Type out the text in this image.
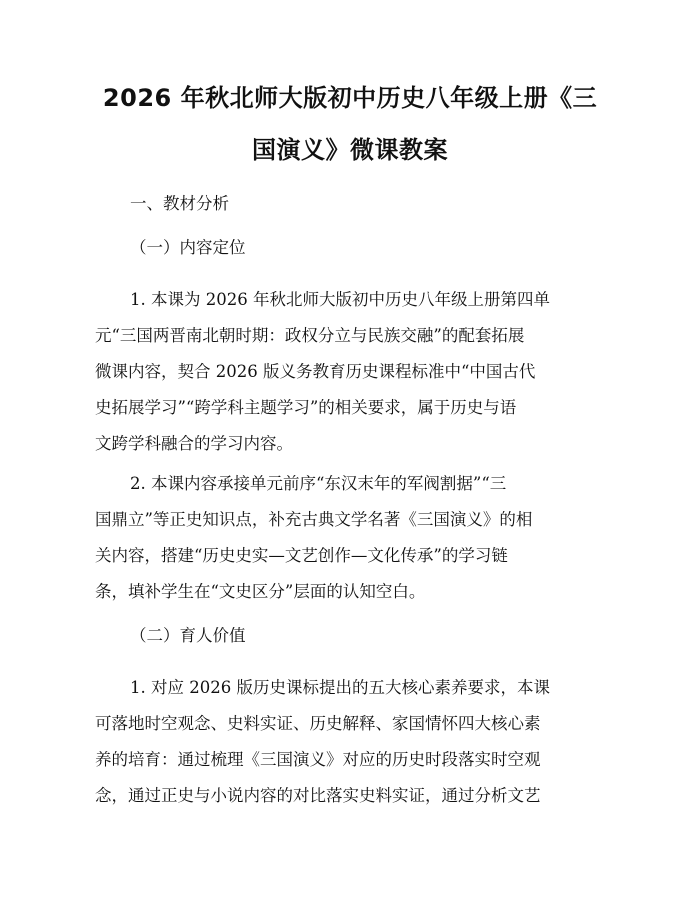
2026 年秋北师大版初中历史八年级上册《三
国演义》微课教案
一、教材分析
（一）内容定位
1. 本课为 2026 年秋北师大版初中历史八年级上册第四单
元“三国两晋南北朝时期：政权分立与民族交融”的配套拓展
微课内容，契合 2026 版义务教育历史课程标准中“中国古代
史拓展学习”“跨学科主题学习”的相关要求，属于历史与语
文跨学科融合的学习内容。
2. 本课内容承接单元前序“东汉末年的军阀割据”“三
国鼎立”等正史知识点，补充古典文学名著《三国演义》的相
关内容，搭建“历史史实—文艺创作—文化传承”的学习链
条，填补学生在“文史区分”层面的认知空白。
（二）育人价值
1. 对应 2026 版历史课标提出的五大核心素养要求，本课
可落地时空观念、史料实证、历史解释、家国情怀四大核心素
养的培育：通过梳理《三国演义》对应的历史时段落实时空观
念，通过正史与小说内容的对比落实史料实证，通过分析文艺
